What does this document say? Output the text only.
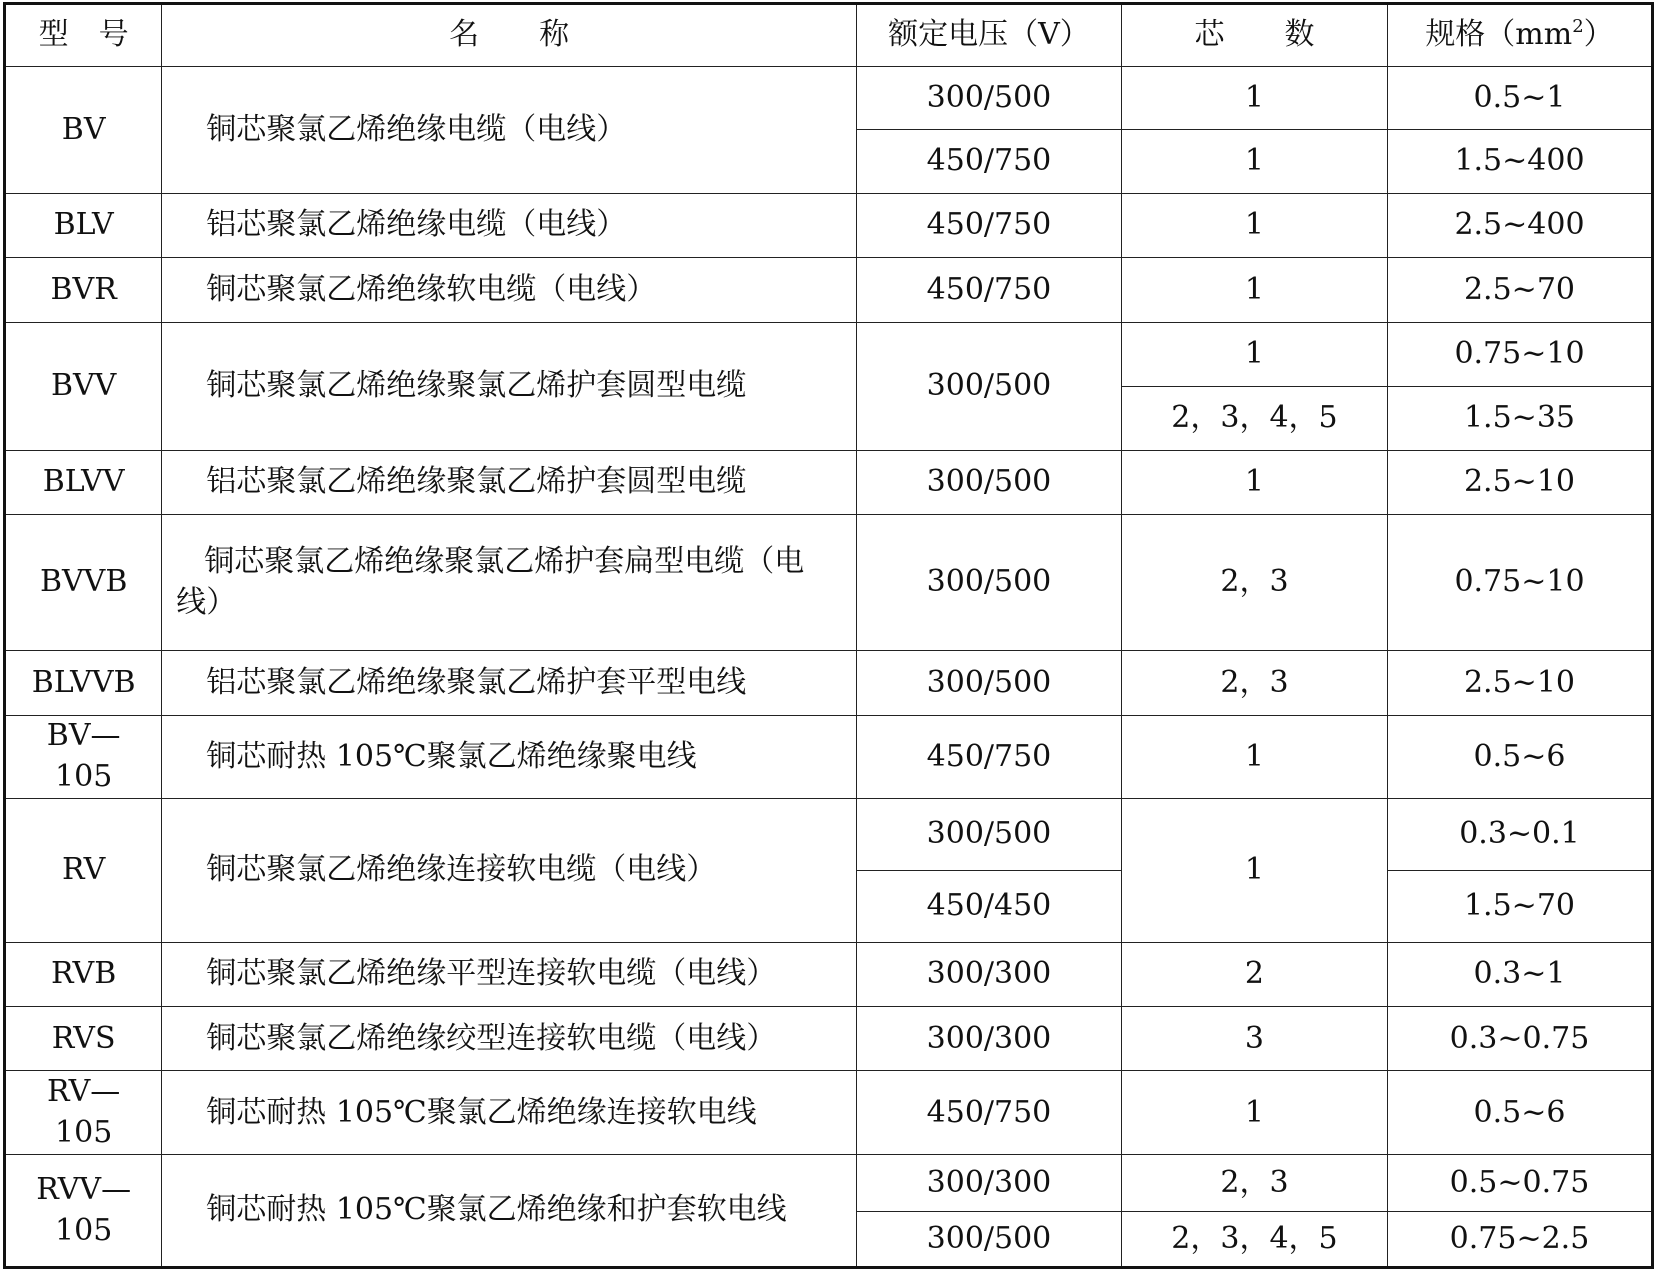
型　号	名　　称	额定电压（V）	芯　　数	规格$(mm^2)$
BV	铜芯聚氯乙烯绝缘电缆（电线）	300/500	1	0.5~1
		450/750	1	1.5~400
BLV	铝芯聚氯乙烯绝缘电缆（电线）	450/750	1	2.5~400
BVR	铜芯聚氯乙烯绝缘软电缆（电线）	450/750	1	2.5~70
BVV	铜芯聚氯乙烯绝缘聚氯乙烯护套圆型电缆	300/500	1	0.75~10
			2，3，4，5	1.5~35
BLVV	铝芯聚氯乙烯绝缘聚氯乙烯护套圆型电缆	300/500	1	2.5~10
BVVB	铜芯聚氯乙烯绝缘聚氯乙烯护套扁型电缆（电线）	300/500	2，3	0.75~10
BLVVB	铝芯聚氯乙烯绝缘聚氯乙烯护套平型电线	300/500	2，3	2.5~10
BV—105	铜芯耐热 105℃聚氯乙烯绝缘聚电线	450/750	1	0.5~6
RV	铜芯聚氯乙烯绝缘连接软电缆（电线）	300/500	1	0.3~0.1
		450/450		1.5~70
RVB	铜芯聚氯乙烯绝缘平型连接软电缆（电线）	300/300	2	0.3~1
RVS	铜芯聚氯乙烯绝缘绞型连接软电缆（电线）	300/300	3	0.3~0.75
RV—105	铜芯耐热 105℃聚氯乙烯绝缘连接软电线	450/750	1	0.5~6
RVV—105	铜芯耐热 105℃聚氯乙烯绝缘和护套软电线	300/300	2，3	0.5~0.75
		300/500	2，3，4，5	0.75~2.5
